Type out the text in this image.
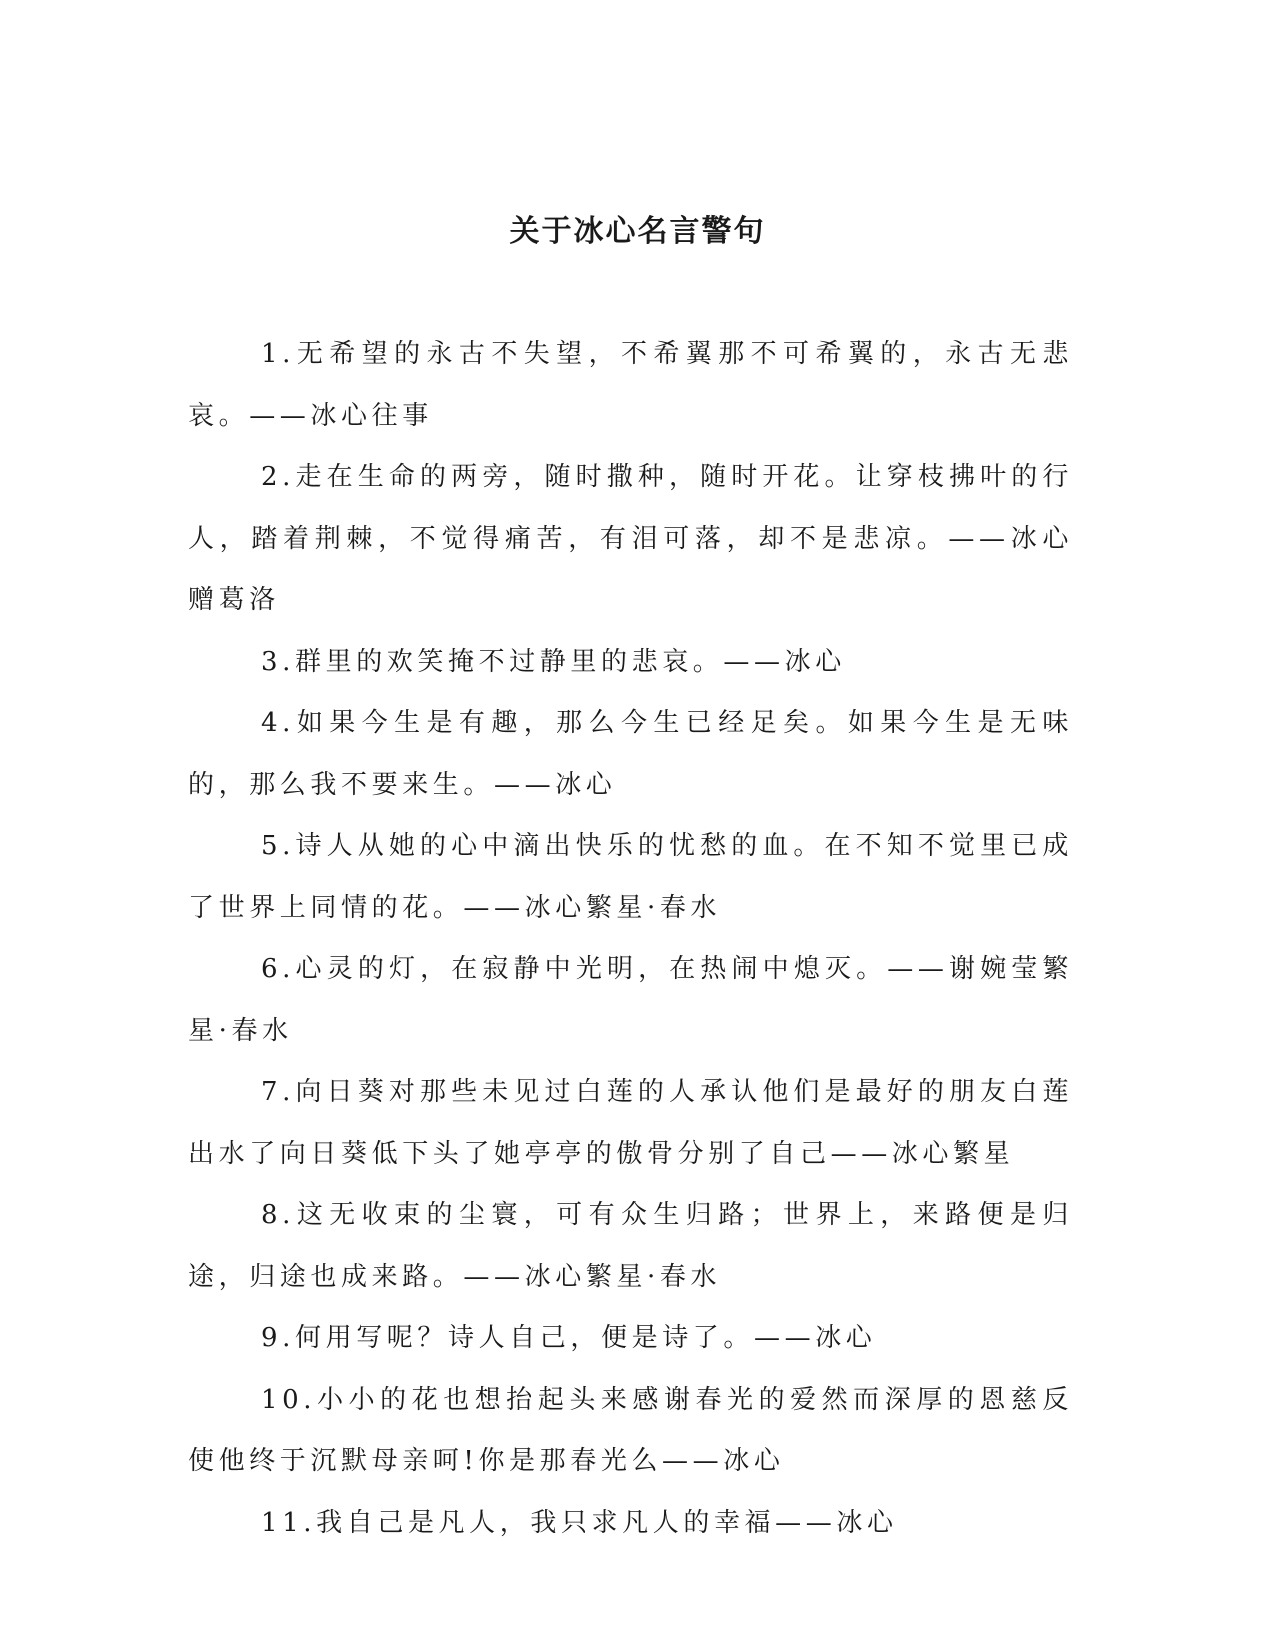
关于冰心名言警句

1.无希望的永古不失望，不希翼那不可希翼的，永古无悲哀。——冰心往事

2.走在生命的两旁，随时撒种，随时开花。让穿枝拂叶的行人，踏着荆棘，不觉得痛苦，有泪可落，却不是悲凉。——冰心赠葛洛

3.群里的欢笑掩不过静里的悲哀。——冰心

4.如果今生是有趣，那么今生已经足矣。如果今生是无味的，那么我不要来生。——冰心

5.诗人从她的心中滴出快乐的忧愁的血。在不知不觉里已成了世界上同情的花。——冰心繁星·春水

6.心灵的灯，在寂静中光明，在热闹中熄灭。——谢婉莹繁星·春水

7.向日葵对那些未见过白莲的人承认他们是最好的朋友白莲出水了向日葵低下头了她亭亭的傲骨分别了自己——冰心繁星

8.这无收束的尘寰，可有众生归路；世界上，来路便是归途，归途也成来路。——冰心繁星·春水

9.何用写呢？诗人自己，便是诗了。——冰心

10.小小的花也想抬起头来感谢春光的爱然而深厚的恩慈反使他终于沉默母亲呵!你是那春光么——冰心

11.我自己是凡人，我只求凡人的幸福——冰心
